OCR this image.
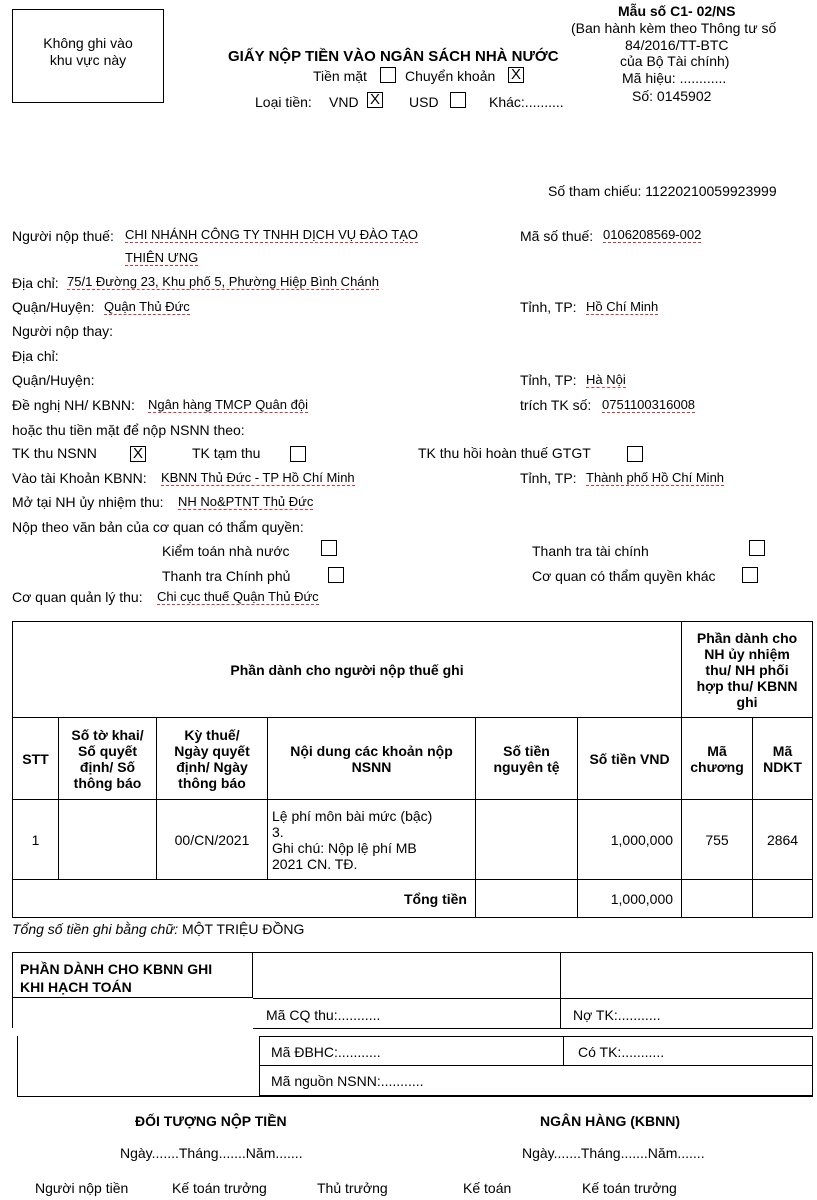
Không ghi vào
khu vực này	GIẤY NỘP TIỀN VÀO NGÂN SÁCH NHÀ NƯỚC
Tiền mặt	Chuyển khoản X
Loại tiền: VND X USD	Khác:..........
Mẫu số C1- 02/NS
(Ban hành kèm theo Thông tư số
84/2016/TT-BTC
của Bộ Tài chính)
Mã hiệu: ............
Số: 0145902
Số tham chiếu: 11220210059923999
Người nộp thuế: CHI NHÁNH CÔNG TY TNHH DỊCH VỤ ĐÀO TẠO
THIÊN ƯNG
Mã số thuế: 0106208569-002
Địa chỉ: 75/1 Đường 23, Khu phố 5, Phường Hiệp Bình Chánh
Quận/Huyện: Quận Thủ Đức	Tỉnh, TP: Hồ Chí Minh
Người nộp thay:
Địa chỉ:
Quận/Huyện:	Tỉnh, TP: Hà Nội
Đề nghị NH/ KBNN: Ngân hàng TMCP Quân đội	trích TK số: 0751100316008
hoặc thu tiền mặt để nộp NSNN theo:
TK thu NSNN X	TK tạm thu	TK thu hồi hoàn thuế GTGT
Vào tài Khoản KBNN: KBNN Thủ Đức - TP Hồ Chí Minh	Tỉnh, TP: Thành phố Hồ Chí Minh
Mở tại NH ủy nhiệm thu: NH No&PTNT Thủ Đức
Nộp theo văn bản của cơ quan có thẩm quyền:
Kiểm toán nhà nước	Thanh tra tài chính
Thanh tra Chính phủ	Cơ quan có thẩm quyền khác
Cơ quan quản lý thu: Chi cục thuế Quận Thủ Đức
Phần dành cho người nộp thuế ghi						Phần dành cho
NH ủy nhiệm
thu/ NH phối
hợp thu/ KBNN
ghi	
STT	Số tờ khai/
Số quyết
định/ Số
thông báo	Kỳ thuế/
Ngày quyết
định/ Ngày
thông báo	Nội dung các khoản nộp
NSNN	Số tiền
nguyên tệ	Số tiền VND	Mã
chương	Mã
NDKT
1		00/CN/2021	Lệ phí môn bài mức (bậc)
3.
Ghi chú: Nộp lệ phí MB
2021 CN. TĐ.		1,000,000	755	2864
Tổng tiền					1,000,000		
Tổng số tiền ghi bằng chữ: MỘT TRIỆU ĐỒNG
PHẦN DÀNH CHO KBNN GHI
KHI HẠCH TOÁN
Mã CQ thu:...........	Nợ TK:...........
Mã ĐBHC:...........	Có TK:...........
Mã nguồn NSNN:...........
ĐỐI TƯỢNG NỘP TIỀN	NGÂN HÀNG (KBNN)
Ngày.......Tháng.......Năm.......	Ngày.......Tháng.......Năm.......
Người nộp tiền	Kế toán trưởng	Thủ trưởng	Kế toán	Kế toán trưởng
